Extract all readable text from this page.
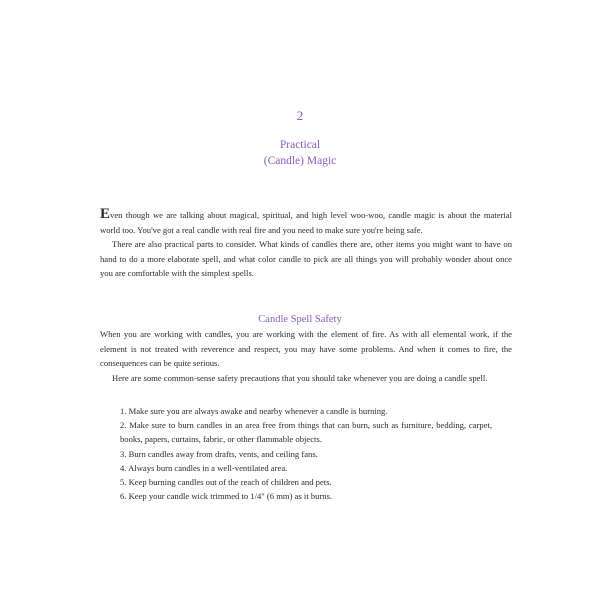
2
Practical
(Candle) Magic

Even though we are talking about magical, spiritual, and high level woo-woo, candle magic is about the material world too. You've got a real candle with real fire and you need to make sure you're being safe.

There are also practical parts to consider. What kinds of candles there are, other items you might want to have on hand to do a more elaborate spell, and what color candle to pick are all things you will probably wonder about once you are comfortable with the simplest spells.

Candle Spell Safety

When you are working with candles, you are working with the element of fire. As with all elemental work, if the element is not treated with reverence and respect, you may have some problems. And when it comes to fire, the consequences can be quite serious.

Here are some common-sense safety precautions that you should take whenever you are doing a candle spell.

1. Make sure you are always awake and nearby whenever a candle is burning.
2. Make sure to burn candles in an area free from things that can burn, such as furniture, bedding, carpet, books, papers, curtains, fabric, or other flammable objects.
3. Burn candles away from drafts, vents, and ceiling fans.
4. Always burn candles in a well-ventilated area.
5. Keep burning candles out of the reach of children and pets.
6. Keep your candle wick trimmed to 1/4" (6 mm) as it burns.
